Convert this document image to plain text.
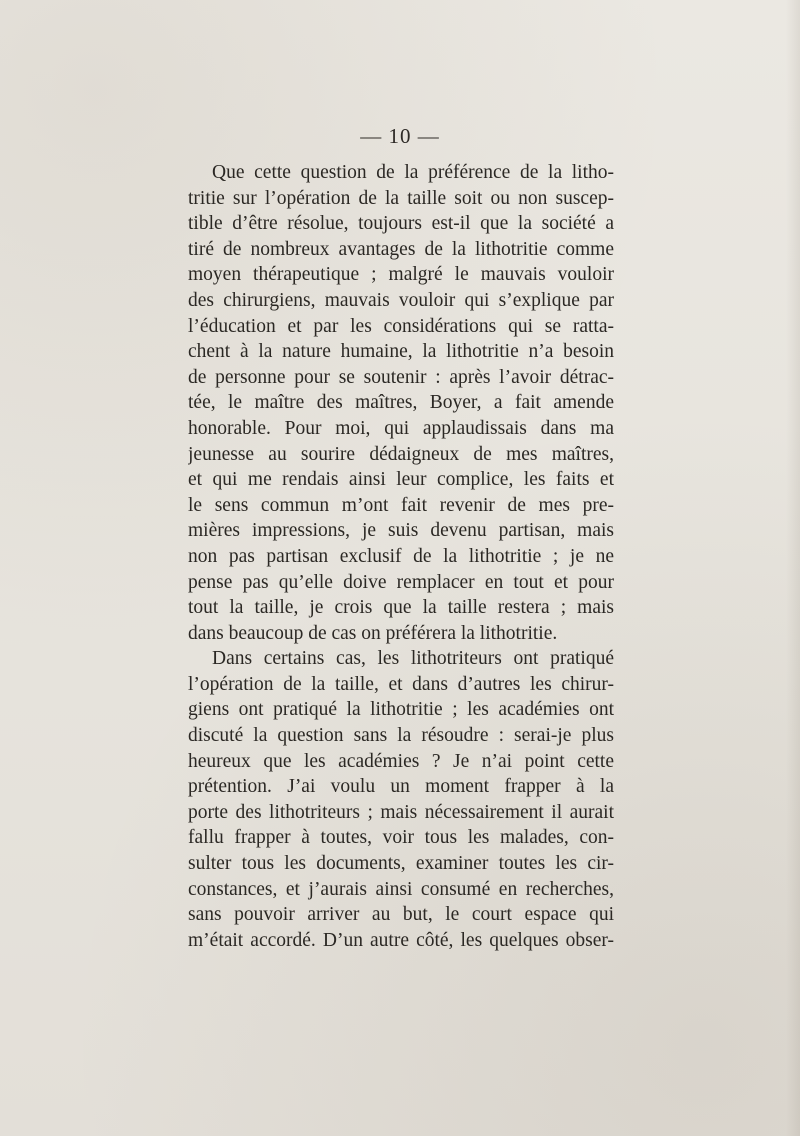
— 10 —
Que cette question de la préférence de la litho-
tritie sur l’opération de la taille soit ou non suscep-
tible d’être résolue, toujours est-il que la société a
tiré de nombreux avantages de la lithotritie comme
moyen thérapeutique ; malgré le mauvais vouloir
des chirurgiens, mauvais vouloir qui s’explique par
l’éducation et par les considérations qui se ratta-
chent à la nature humaine, la lithotritie n’a besoin
de personne pour se soutenir : après l’avoir détrac-
tée, le maître des maîtres, Boyer, a fait amende
honorable. Pour moi, qui applaudissais dans ma
jeunesse au sourire dédaigneux de mes maîtres,
et qui me rendais ainsi leur complice, les faits et
le sens commun m’ont fait revenir de mes pre-
mières impressions, je suis devenu partisan, mais
non pas partisan exclusif de la lithotritie ; je ne
pense pas qu’elle doive remplacer en tout et pour
tout la taille, je crois que la taille restera ; mais
dans beaucoup de cas on préférera la lithotritie.
Dans certains cas, les lithotriteurs ont pratiqué
l’opération de la taille, et dans d’autres les chirur-
giens ont pratiqué la lithotritie ; les académies ont
discuté la question sans la résoudre : serai-je plus
heureux que les académies ? Je n’ai point cette
prétention. J’ai voulu un moment frapper à la
porte des lithotriteurs ; mais nécessairement il aurait
fallu frapper à toutes, voir tous les malades, con-
sulter tous les documents, examiner toutes les cir-
constances, et j’aurais ainsi consumé en recherches,
sans pouvoir arriver au but, le court espace qui
m’était accordé. D’un autre côté, les quelques obser-
